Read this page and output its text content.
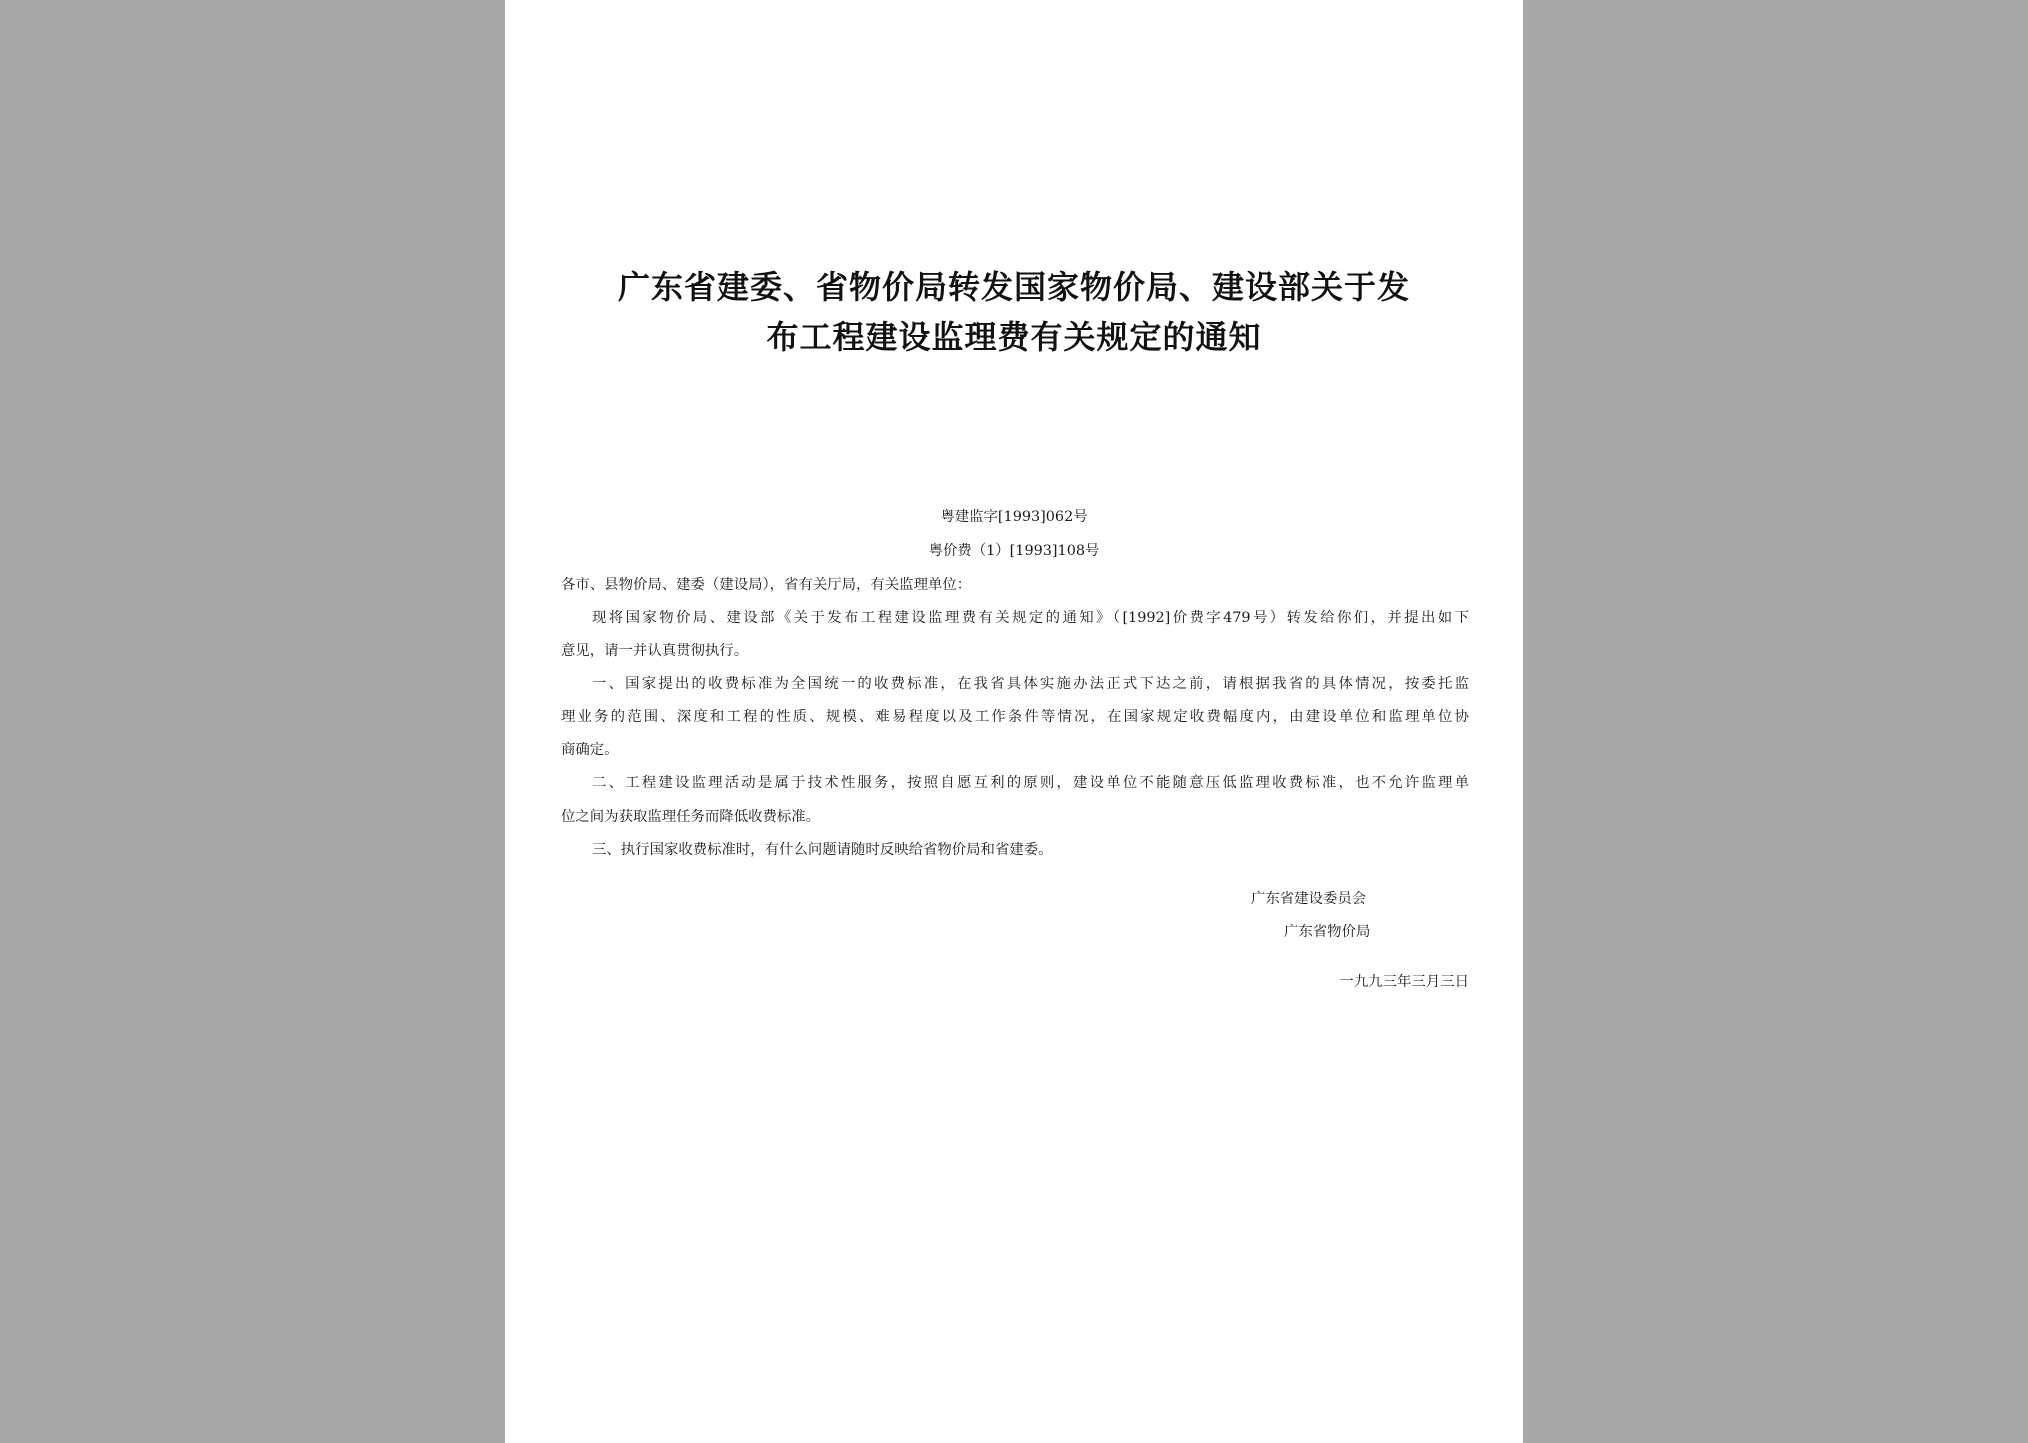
广东省建委、省物价局转发国家物价局、建设部关于发
布工程建设监理费有关规定的通知
粤建监字[1993]062号
粤价费（1）[1993]108号
各市、县物价局、建委（建设局），省有关厅局，有关监理单位：
现将国家物价局、建设部《关于发布工程建设监理费有关规定的通知》（[1992]价费字479号）转发给你们，并提出如下
意见，请一并认真贯彻执行。
一、国家提出的收费标准为全国统一的收费标准，在我省具体实施办法正式下达之前，请根据我省的具体情况，按委托监
理业务的范围、深度和工程的性质、规模、难易程度以及工作条件等情况，在国家规定收费幅度内，由建设单位和监理单位协
商确定。
二、工程建设监理活动是属于技术性服务，按照自愿互利的原则，建设单位不能随意压低监理收费标准，也不允许监理单
位之间为获取监理任务而降低收费标准。
三、执行国家收费标准时，有什么问题请随时反映给省物价局和省建委。
广东省建设委员会
广东省物价局
一九九三年三月三日
